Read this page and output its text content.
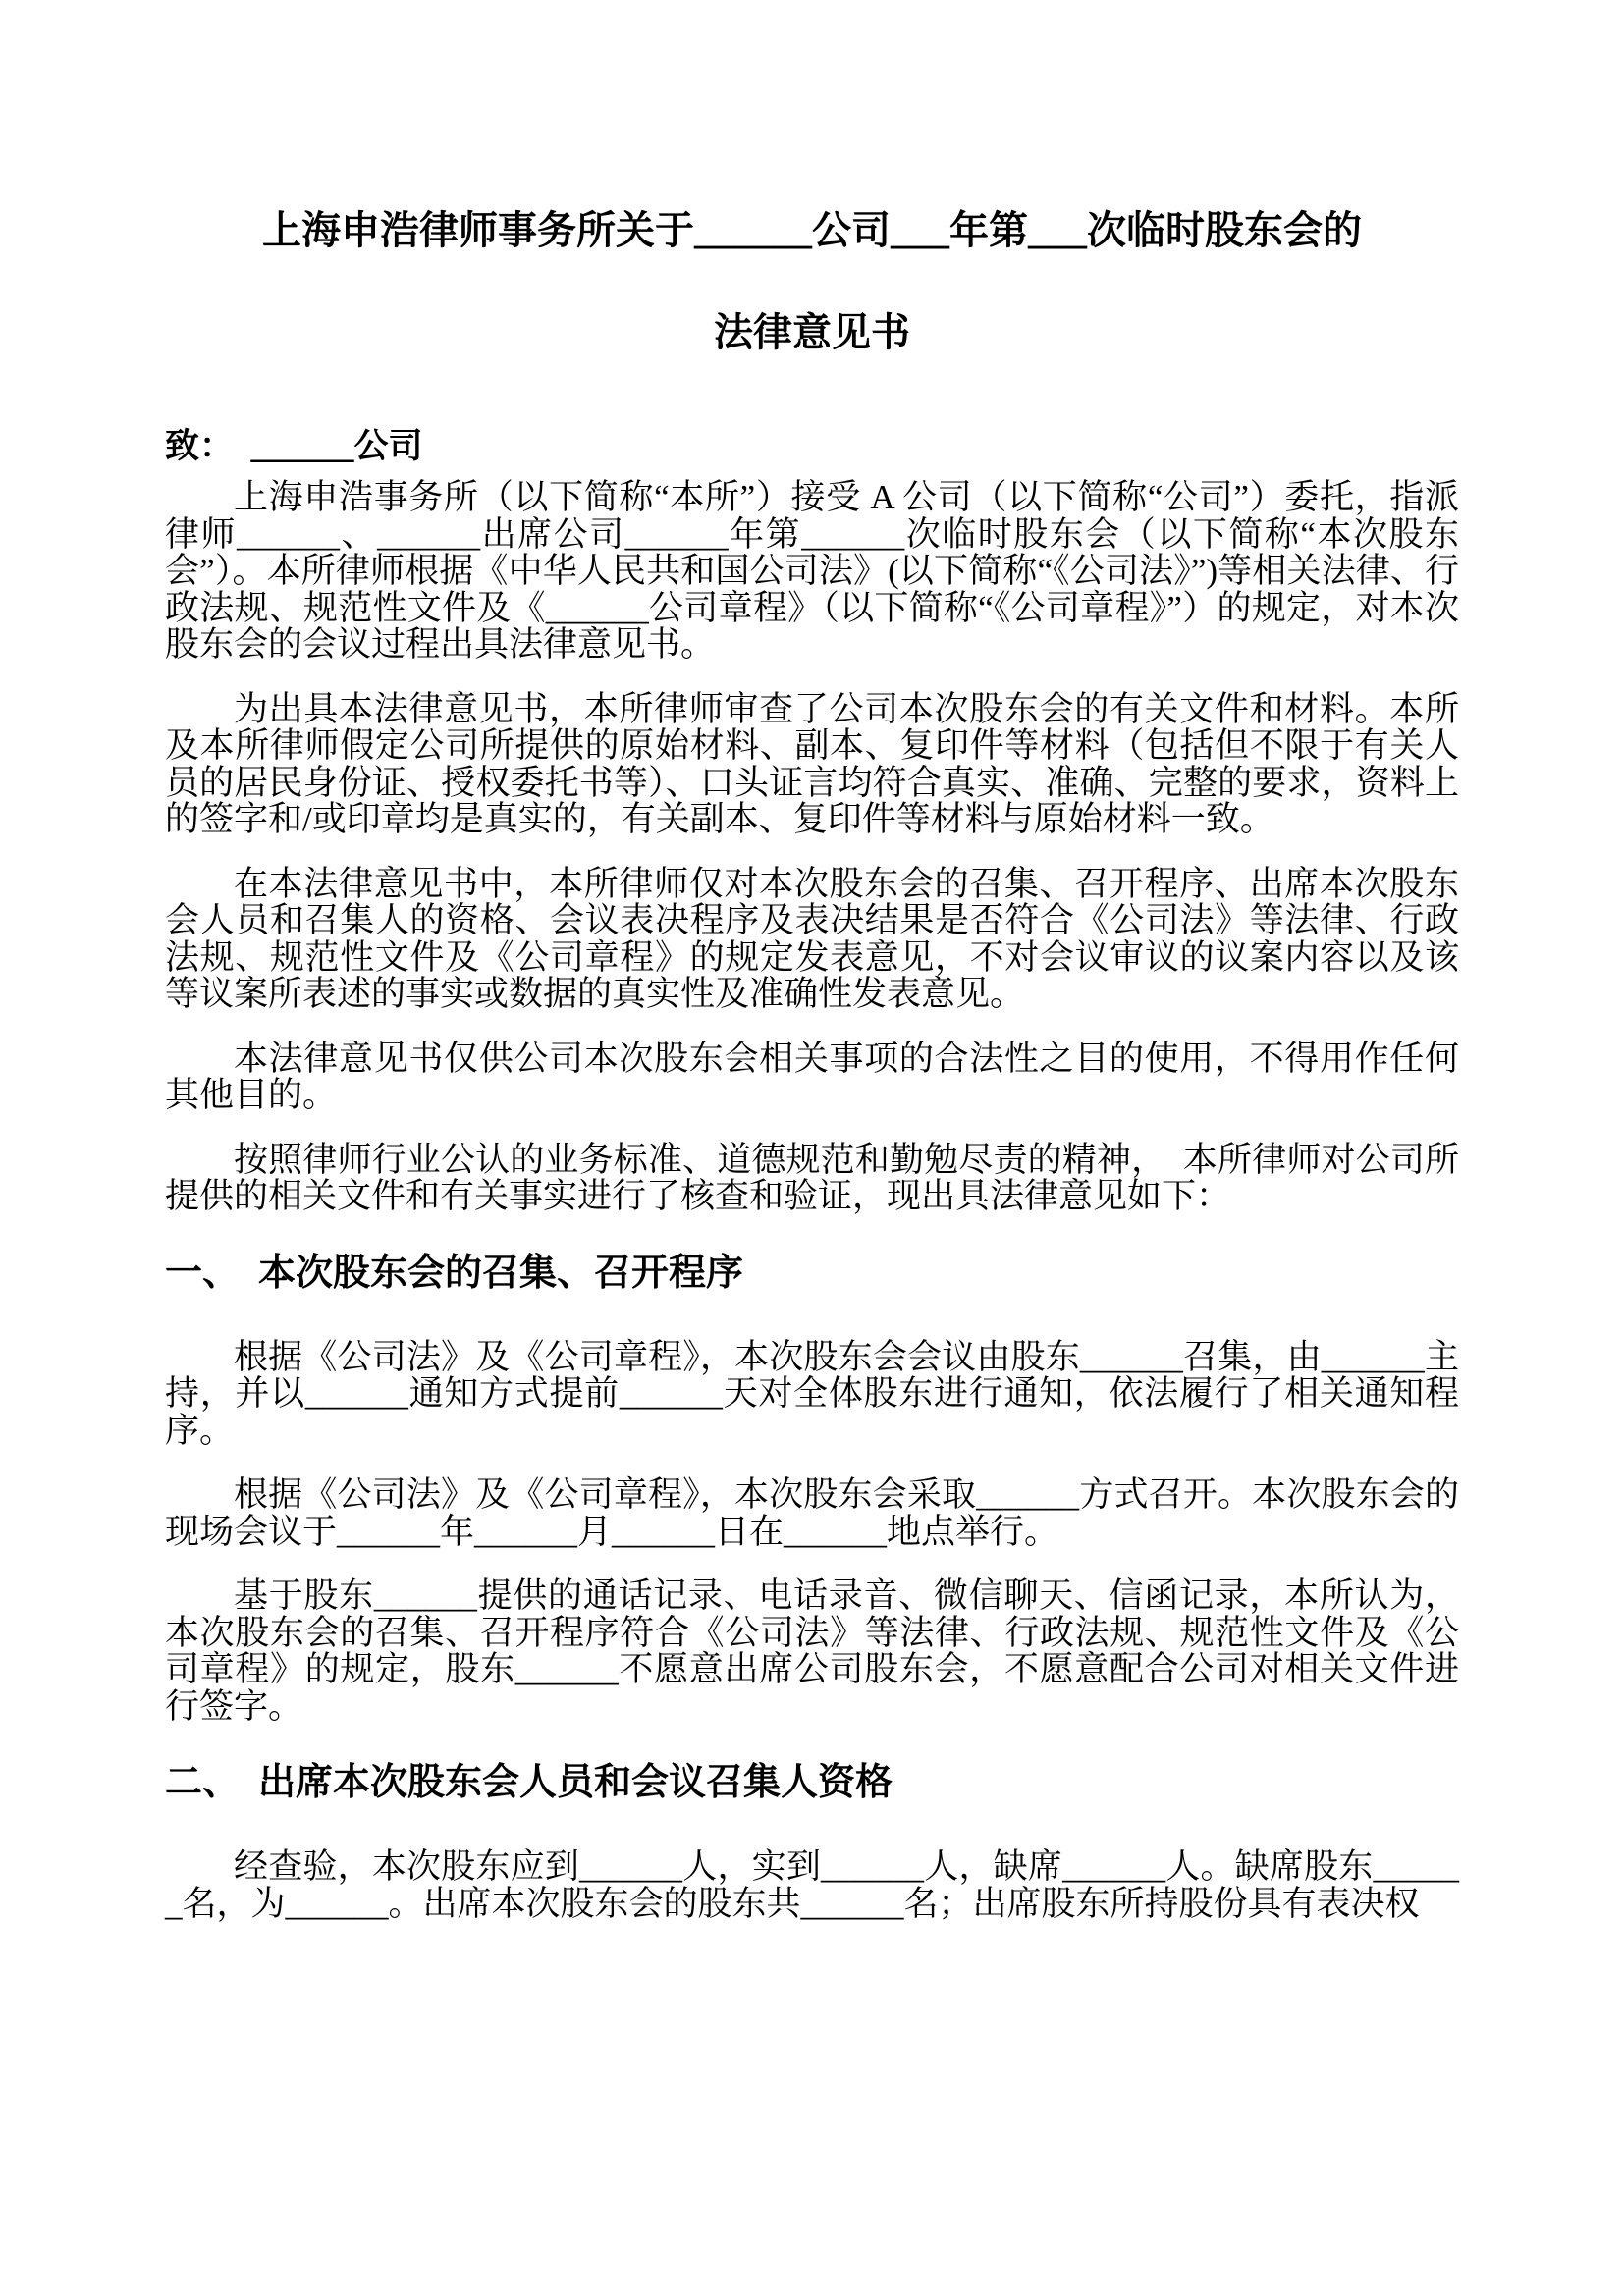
上海申浩律师事务所关于______公司___年第___次临时股东会的

法律意见书

致：　______公司

上海申浩事务所（以下简称“本所”）接受 A 公司（以下简称“公司”）委托，指派律师______、______出席公司______年第______次临时股东会（以下简称“本次股东会”）。本所律师根据《中华人民共和国公司法》(以下简称“《公司法》”)等相关法律、行政法规、规范性文件及《______公司章程》（以下简称“《公司章程》”）的规定，对本次股东会的会议过程出具法律意见书。

为出具本法律意见书，本所律师审查了公司本次股东会的有关文件和材料。本所及本所律师假定公司所提供的原始材料、副本、复印件等材料（包括但不限于有关人员的居民身份证、授权委托书等）、口头证言均符合真实、准确、完整的要求，资料上的签字和/或印章均是真实的，有关副本、复印件等材料与原始材料一致。

在本法律意见书中，本所律师仅对本次股东会的召集、召开程序、出席本次股东会人员和召集人的资格、会议表决程序及表决结果是否符合《公司法》等法律、行政法规、规范性文件及《公司章程》的规定发表意见，不对会议审议的议案内容以及该等议案所表述的事实或数据的真实性及准确性发表意见。

本法律意见书仅供公司本次股东会相关事项的合法性之目的使用，不得用作任何其他目的。

按照律师行业公认的业务标准、道德规范和勤勉尽责的精神，　本所律师对公司所提供的相关文件和有关事实进行了核查和验证，现出具法律意见如下：

一、　本次股东会的召集、召开程序

根据《公司法》及《公司章程》，本次股东会会议由股东______召集，由______主持，并以______通知方式提前______天对全体股东进行通知，依法履行了相关通知程序。

根据《公司法》及《公司章程》，本次股东会采取______方式召开。本次股东会的现场会议于______年______月______日在______地点举行。

基于股东______提供的通话记录、电话录音、微信聊天、信函记录，本所认为，本次股东会的召集、召开程序符合《公司法》等法律、行政法规、规范性文件及《公司章程》的规定，股东______不愿意出席公司股东会，不愿意配合公司对相关文件进行签字。

二、　出席本次股东会人员和会议召集人资格

经查验，本次股东应到______人，实到______人，缺席______人。缺席股东______名，为______。出席本次股东会的股东共______名；出席股东所持股份具有表决权
